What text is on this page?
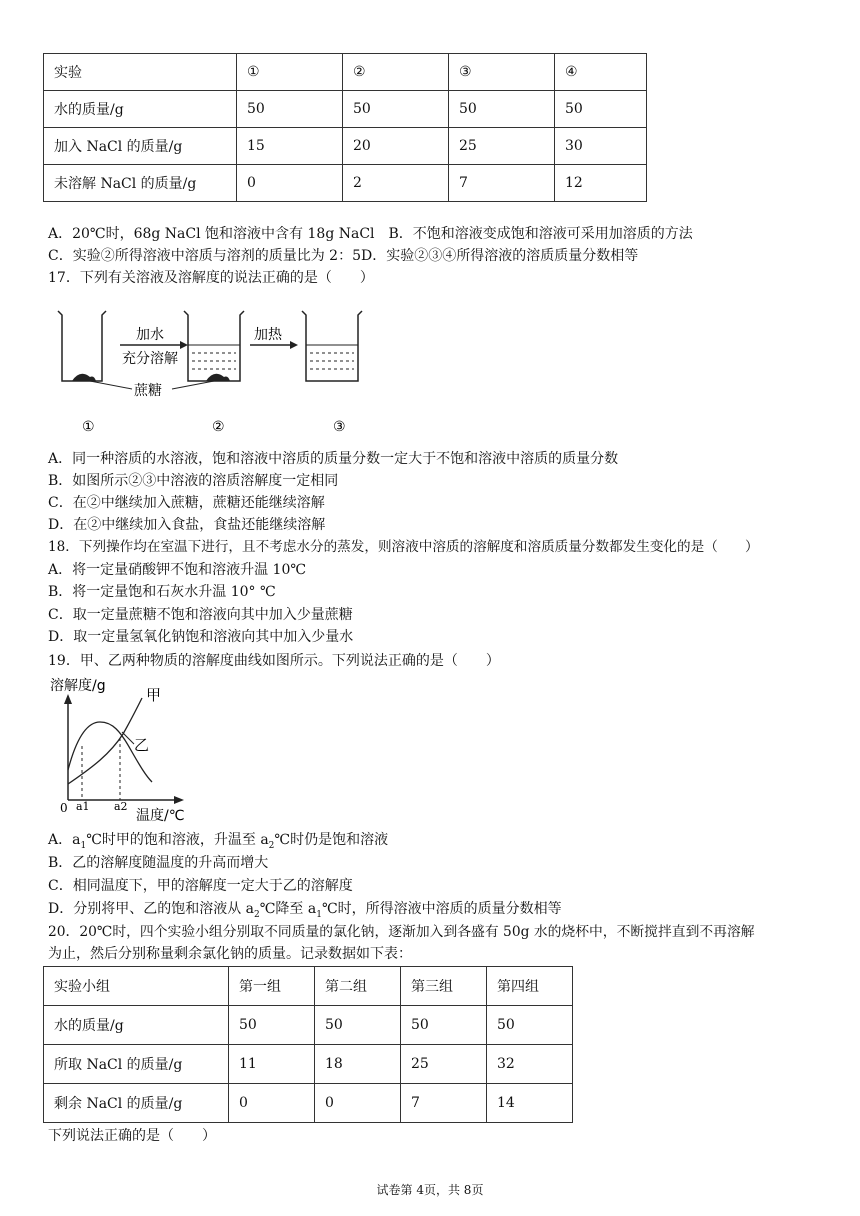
实验	①	②	③	④
水的质量/g	50	50	50	50
加入 NaCl 的质量/g	15	20	25	30
未溶解 NaCl 的质量/g	0	2	7	12
A．20℃时，68g NaCl 饱和溶液中含有 18g NaCl B．不饱和溶液变成饱和溶液可采用加溶质的方法
C．实验②所得溶液中溶质与溶剂的质量比为 2：5D．实验②③④所得溶液的溶质质量分数相等
17．下列有关溶液及溶解度的说法正确的是（　　）
加水
充分溶解
蔗糖
加热
①	②	③
A．同一种溶质的水溶液，饱和溶液中溶质的质量分数一定大于不饱和溶液中溶质的质量分数
B．如图所示②③中溶液的溶质溶解度一定相同
C．在②中继续加入蔗糖，蔗糖还能继续溶解
D．在②中继续加入食盐，食盐还能继续溶解
18．下列操作均在室温下进行，且不考虑水分的蒸发，则溶液中溶质的溶解度和溶质质量分数都发生变化的是（　　）
A．将一定量硝酸钾不饱和溶液升温 10℃
B．将一定量饱和石灰水升温 10° ℃
C．取一定量蔗糖不饱和溶液向其中加入少量蔗糖
D．取一定量氢氧化钠饱和溶液向其中加入少量水
19．甲、乙两种物质的溶解度曲线如图所示。下列说法正确的是（　　）
溶解度/g	甲
乙
0 a1 a2
温度/℃
A．$a_1℃$时甲的饱和溶液，升温至 $a_2℃$时仍是饱和溶液
B．乙的溶解度随温度的升高而增大
C．相同温度下，甲的溶解度一定大于乙的溶解度
D．分别将甲、乙的饱和溶液从 $a_2℃$降至 $a_1℃$时，所得溶液中溶质的质量分数相等
20．20℃时，四个实验小组分别取不同质量的氯化钠，逐渐加入到各盛有 50g 水的烧杯中，不断搅拌直到不再溶解
为止，然后分别称量剩余氯化钠的质量。记录数据如下表：
实验小组	第一组	第二组	第三组	第四组
水的质量/g	50	50	50	50
所取 NaCl 的质量/g	11	18	25	32
剩余 NaCl 的质量/g	0	0	7	14
下列说法正确的是（　　）
试卷第 4页，共 8页
